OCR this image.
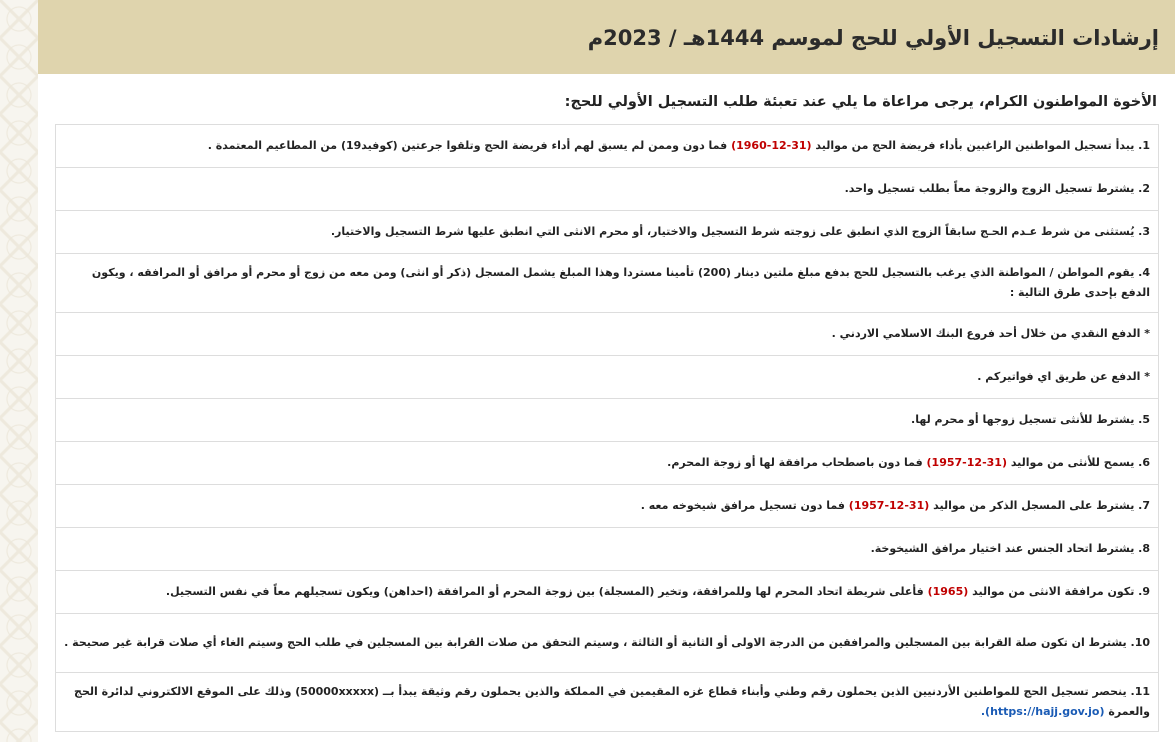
إرشادات التسجيل الأولي للحج لموسم 1444هـ / 2023م
الأخوة المواطنون الكرام، يرجى مراعاة ما يلي عند تعبئة طلب التسجيل الأولي للحج:
1. يبدأ تسجيل المواطنين الراغبين بأداء فريضة الحج من مواليد (31-12-1960) فما دون وممن لم يسبق لهم أداء فريضة الحج وتلقوا جرعتين (كوفيد19) من المطاعيم المعتمدة .
2. يشترط تسجيل الزوج والزوجة معاً بطلب تسجيل واحد.
3. يُستثنى من شرط عـدم الحـج سابقاً الزوج الذي انطبق على زوجته شرط التسجيل والاختيار، أو محرم الانثى التي انطبق عليها شرط التسجيل والاختيار.
4. يقوم المواطن / المواطنة الذي يرغب بالتسجيل للحج بدفع مبلغ ملتين دينار (200) تأمينا مستردا وهذا المبلغ يشمل المسجل (ذكر أو انثى) ومن معه من زوج أو محرم أو مرافق أو المرافقه ، ويكون الدفع بإحدى طرق التالية :
* الدفع النقدي من خلال أحد فروع البنك الاسلامي الاردني .
* الدفع عن طريق اي فواتيركم .
5. يشترط للأنثى تسجيل زوجها أو محرم لها.
6. يسمح للأنثى من مواليد (31-12-1957) فما دون باصطحاب مرافقة لها أو زوجة المحرم.
7. يشترط على المسجل الذكر من مواليد (31-12-1957) فما دون تسجيل مرافق شيخوخه معه .
8. يشترط اتحاد الجنس عند اختيار مرافق الشيخوخة.
9. تكون مرافقة الانثى من مواليد (1965) فأعلى شريطة اتحاد المحرم لها وللمرافقة، وتخير (المسجلة) بين زوجة المحرم أو المرافقة (احداهن) ويكون تسجيلهم معاً في نفس التسجيل.
10. يشترط ان تكون صلة القرابة بين المسجلين والمرافقين من الدرجة الاولى أو الثانية أو الثالثة ، وسيتم التحقق من صلات القرابة بين المسجلين في طلب الحج وسيتم الغاء أي صلات قرابة غير صحيحة .
11. ينحصر تسجيل الحج للمواطنين الأردنيين الذين يحملون رقم وطني وأبناء قطاع غزه المقيمين في المملكة والذين يحملون رقم وثيقة يبدأ بــ (50000xxxxx) وذلك على الموقع الالكتروني لدائرة الحج والعمرة (https://hajj.gov.jo).
